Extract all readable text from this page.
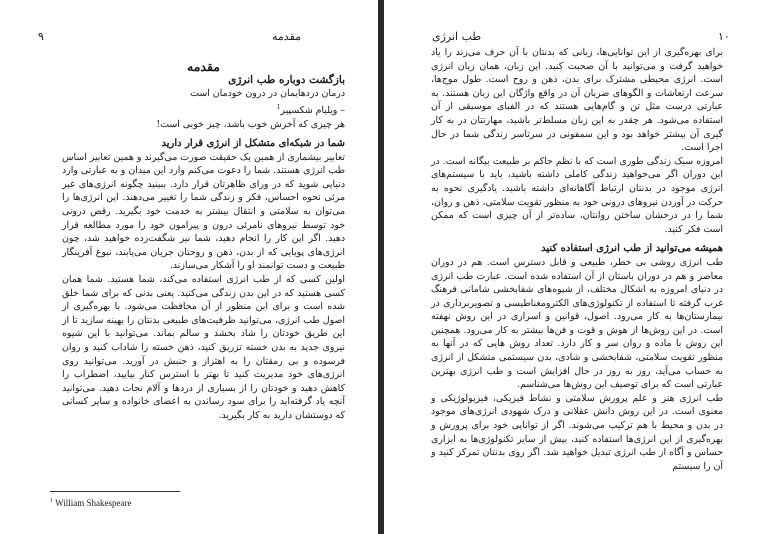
۹	مقدمه

مقدمه

بازگشت دوباره طب انرژی

درمان دردهایمان در درون خودمان است

– ویلیام شکسپیر$^1$

هر چیزی که آخرش خوب باشد، چیز خوبی است!

شما در شبکه‌ای متشکل از انرژی قرار دارید

تعابیر بیشماری از همین یک حقیقت صورت می‌گیرند و همین تعابیر اساس طب انرژی هستند. شما را دعوت می‌کنم وارد این میدان و به عبارتی وارد دنیایی شوید که در ورای ظاهرتان قرار دارد. ببینید چگونه انرژی‌های غیر مرئی نحوه احساس، فکر و زندگی شما را تغییر می‌دهند. این انرژی‌ها را می‌توان به سلامتی و انتقال بیشتر به خدمت خود بگیرید. رقص درونی خود توسط نیروهای نامرئی درون و پیرامون خود را مورد مطالعه قرار دهید. اگر این کار را انجام دهید، شما نیز شگفت‌زده خواهید شد، چون انرژی‌های پویایی که از بدن، ذهن و روحتان جریان می‌یابند، نبوغ آفرینگار طبیعت و دست توانمند او را آشکار می‌سازند.

اولین کسی که از طب انرژی استفاده می‌کند، شما هستید. شما همان کسی هستید که در این بدن زندگی می‌کنید. یعنی بدنی که برای شما خلق شده است و برای این منظور از آن محافظت می‌شود. با بهره‌گیری از اصول طب انرژی، می‌توانید ظرفیت‌های طبیعی بدنتان را بهینه سازید تا از این طریق خودتان را شاد بخشد و سالم بماند. می‌توانید با این شیوه نیروی جدید به بدن خسته تزریق کنید، ذهن خسته را شاداب کنید و روان فرسوده و بی رمقتان را به اهتزاز و جنبش در آورید. می‌توانید روی انرژی‌های خود مدیریت کنید تا بهتر با استرس کنار بیایید، اضطراب را کاهش دهید و خودتان را از بسیاری از دردها و آلام نجات دهید. می‌توانید آنچه یاد گرفته‌اید را برای سود رساندن به اعضای خانواده و سایر کسانی که دوستشان دارید به کار بگیرید.

$^1$ William Shakespeare
طب انرژی	۱۰

برای بهره‌گیری از این توانایی‌ها، زبانی که بدنتان با آن حرف می‌زند را یاد خواهید گرفت و می‌توانید با آن صحبت کنید. این زبان، همان زبان انرژی است. انرژی محیطی مشترک برای بدن، ذهن و روح است. طول موج‌ها، سرعت ارتعاشات و الگوهای ضربان آن در واقع واژگان این زبان هستند. به عبارتی درست مثل تن و گام‌هایی هستند که در الفبای موسیقی از آن استفاده می‌شود. هر چقدر به این زبان مسلط‌تر باشید، مهارتتان در به کار گیری آن بیشتر خواهد بود و این سمفونی در سرتاسر زندگی شما در حال اجرا است.

امروزه سبک زندگی طوری است که با نظم حاکم بر طبیعت بیگانه است. در این دوران اگر می‌خواهید زندگی کاملی داشته باشید، باید با سیستم‌های انرژی موجود در بدنتان ارتباط آگاهانه‌ای داشته باشید. یادگیری نحوه به حرکت در آوردن نیروهای درونی خود به منظور تقویت سلامتی، ذهن و روان، شما را در درخشان ساختن روانتان، ساده‌تر از آن چیزی است که ممکن است فکر کنید.

همیشه می‌توانید از طب انرژی استفاده کنید

طب انرژی روشی بی خطر، طبیعی و قابل دسترس است. هم در دوران معاصر و هم در دوران باستان از آن استفاده شده است. عبارت طب انرژی در دنیای امروزه به اشکال مختلف، از شیوه‌های شفابخشی شامانی فرهنگ غرب گرفته تا استفاده از تکنولوژی‌های الکترومغناطیسی و تصویربرداری در بیمارستان‌ها به کار می‌رود. اصول، قوانین و اسراری در این روش نهفته است. در این روش‌ها از هوش و قوت و فن‌ها بیشتر به کار می‌رود. همچنین این روش با ماده و روان سر و کار دارد. تعداد روش هایی که در آنها به منظور تقویت سلامتی، شفابخشی و شادی، بدن سیستمی متشکل از انرژی به حساب می‌آید، روز به روز در حال افزایش است و طب انرژی بهترین عبارتی است که برای توصیف این روش‌ها می‌شناسم.

طب انرژی هنر و علم پرورش سلامتی و نشاط فیزیکی، فیزیولوژیکی و معنوی است. در این روش دانش عقلانی و درک شهودی انرژی‌های موجود در بدن و محیط با هم ترکیب می‌شوند. اگر از توانایی خود برای پرورش و بهره‌گیری از این انرژی‌ها استفاده کنید، بیش از سایر تکنولوژی‌ها به ابزاری حساس و آگاه از طب انرژی تبدیل خواهید شد. اگر روی بدنتان تمرکز کنید و آن را سیستم
